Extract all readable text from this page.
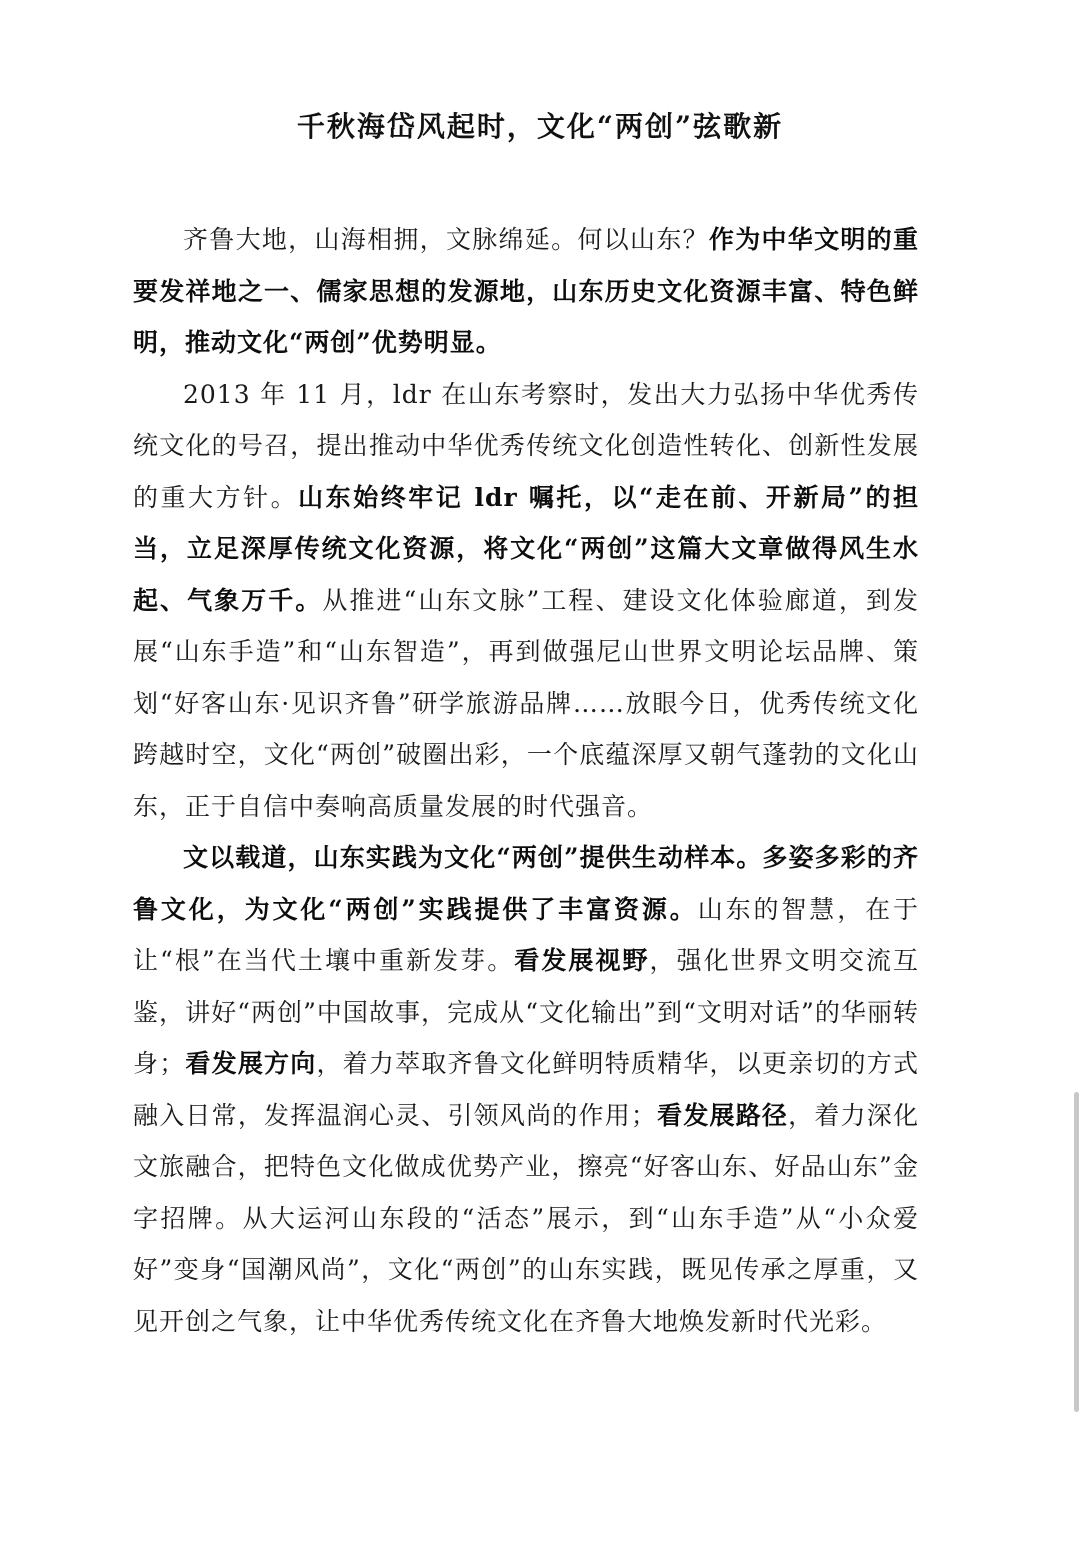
千秋海岱风起时，文化“两创”弦歌新

齐鲁大地，山海相拥，文脉绵延。何以山东？作为中华文明的重要发祥地之一、儒家思想的发源地，山东历史文化资源丰富、特色鲜明，推动文化“两创”优势明显。

2013 年 11 月，ldr 在山东考察时，发出大力弘扬中华优秀传统文化的号召，提出推动中华优秀传统文化创造性转化、创新性发展的重大方针。山东始终牢记 ldr 嘱托，以“走在前、开新局”的担当，立足深厚传统文化资源，将文化“两创”这篇大文章做得风生水起、气象万千。从推进“山东文脉”工程、建设文化体验廊道，到发展“山东手造”和“山东智造”，再到做强尼山世界文明论坛品牌、策划“好客山东·见识齐鲁”研学旅游品牌……放眼今日，优秀传统文化跨越时空，文化“两创”破圈出彩，一个底蕴深厚又朝气蓬勃的文化山东，正于自信中奏响高质量发展的时代强音。

文以载道，山东实践为文化“两创”提供生动样本。多姿多彩的齐鲁文化，为文化“两创”实践提供了丰富资源。山东的智慧，在于让“根”在当代土壤中重新发芽。看发展视野，强化世界文明交流互鉴，讲好“两创”中国故事，完成从“文化输出”到“文明对话”的华丽转身；看发展方向，着力萃取齐鲁文化鲜明特质精华，以更亲切的方式融入日常，发挥温润心灵、引领风尚的作用；看发展路径，着力深化文旅融合，把特色文化做成优势产业，擦亮“好客山东、好品山东”金字招牌。从大运河山东段的“活态”展示，到“山东手造”从“小众爱好”变身“国潮风尚”，文化“两创”的山东实践，既见传承之厚重，又见开创之气象，让中华优秀传统文化在齐鲁大地焕发新时代光彩。
